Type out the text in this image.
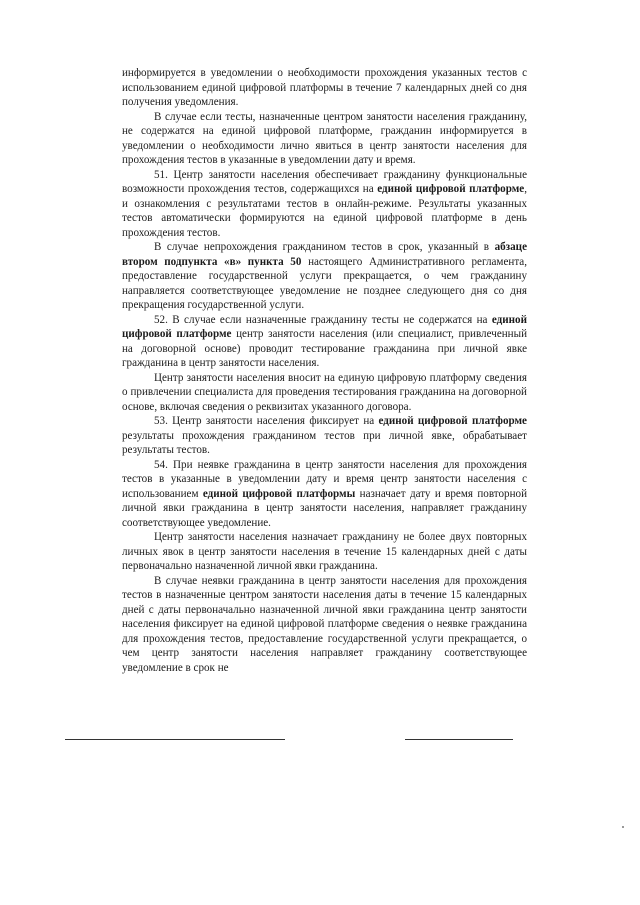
информируется в уведомлении о необходимости прохождения указанных тестов с использованием единой цифровой платформы в течение 7 календарных дней со дня получения уведомления.

В случае если тесты, назначенные центром занятости населения гражданину, не содержатся на единой цифровой платформе, гражданин информируется в уведомлении о необходимости лично явиться в центр занятости населения для прохождения тестов в указанные в уведомлении дату и время.

51. Центр занятости населения обеспечивает гражданину функциональные возможности прохождения тестов, содержащихся на единой цифровой платформе, и ознакомления с результатами тестов в онлайн-режиме. Результаты указанных тестов автоматически формируются на единой цифровой платформе в день прохождения тестов.

В случае непрохождения гражданином тестов в срок, указанный в абзаце втором подпункта «в» пункта 50 настоящего Административного регламента, предоставление государственной услуги прекращается, о чем гражданину направляется соответствующее уведомление не позднее следующего дня со дня прекращения государственной услуги.

52. В случае если назначенные гражданину тесты не содержатся на единой цифровой платформе центр занятости населения (или специалист, привлеченный на договорной основе) проводит тестирование гражданина при личной явке гражданина в центр занятости населения.

Центр занятости населения вносит на единую цифровую платформу сведения о привлечении специалиста для проведения тестирования гражданина на договорной основе, включая сведения о реквизитах указанного договора.

53. Центр занятости населения фиксирует на единой цифровой платформе результаты прохождения гражданином тестов при личной явке, обрабатывает результаты тестов.

54. При неявке гражданина в центр занятости населения для прохождения тестов в указанные в уведомлении дату и время центр занятости населения с использованием единой цифровой платформы назначает дату и время повторной личной явки гражданина в центр занятости населения, направляет гражданину соответствующее уведомление.

Центр занятости населения назначает гражданину не более двух повторных личных явок в центр занятости населения в течение 15 календарных дней с даты первоначально назначенной личной явки гражданина.

В случае неявки гражданина в центр занятости населения для прохождения тестов в назначенные центром занятости населения даты в течение 15 календарных дней с даты первоначально назначенной личной явки гражданина центр занятости населения фиксирует на единой цифровой платформе сведения о неявке гражданина для прохождения тестов, предоставление государственной услуги прекращается, о чем центр занятости населения направляет гражданину соответствующее уведомление в срок не
